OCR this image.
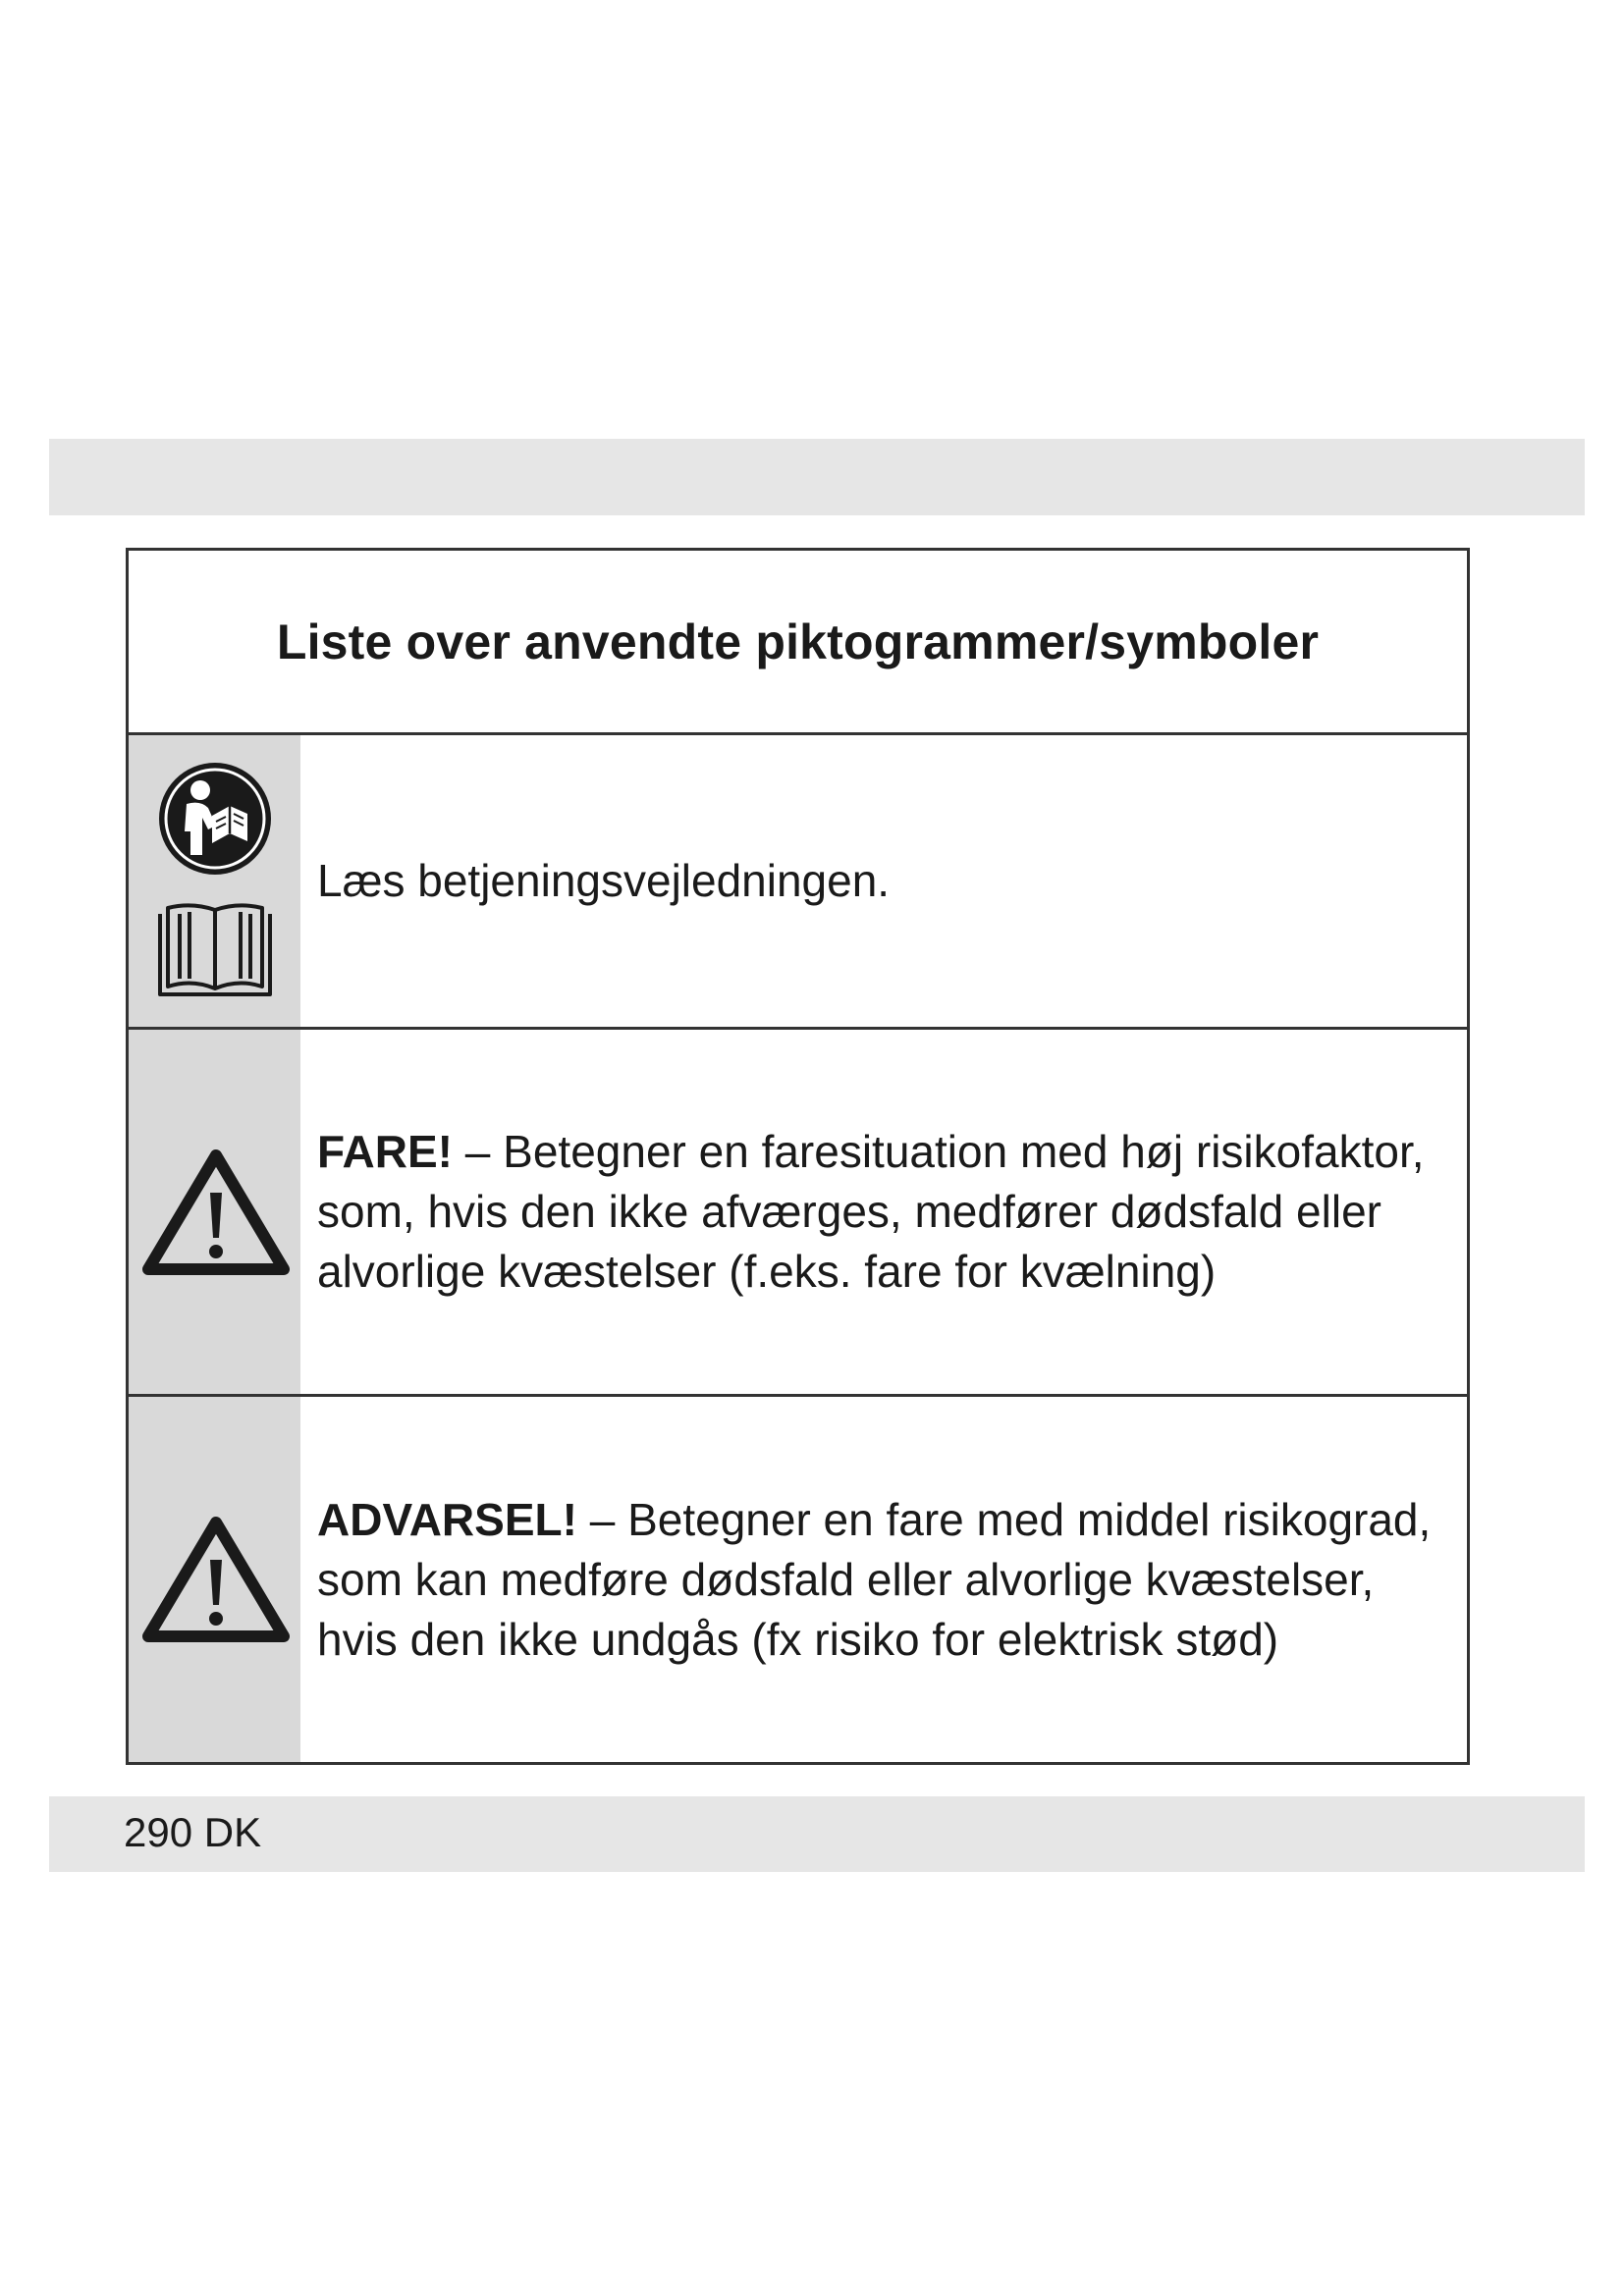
Liste over anvendte piktogrammer/symboler
Læs betjeningsvejledningen.
FARE! – Betegner en faresituation med høj risikofaktor, som, hvis den ikke afværges, medfører dødsfald eller alvorlige kvæstelser (f.eks. fare for kvælning)
ADVARSEL! – Betegner en fare med middel risikograd, som kan medføre dødsfald eller alvorlige kvæstelser, hvis den ikke undgås (fx risiko for elektrisk stød)
290 DK
